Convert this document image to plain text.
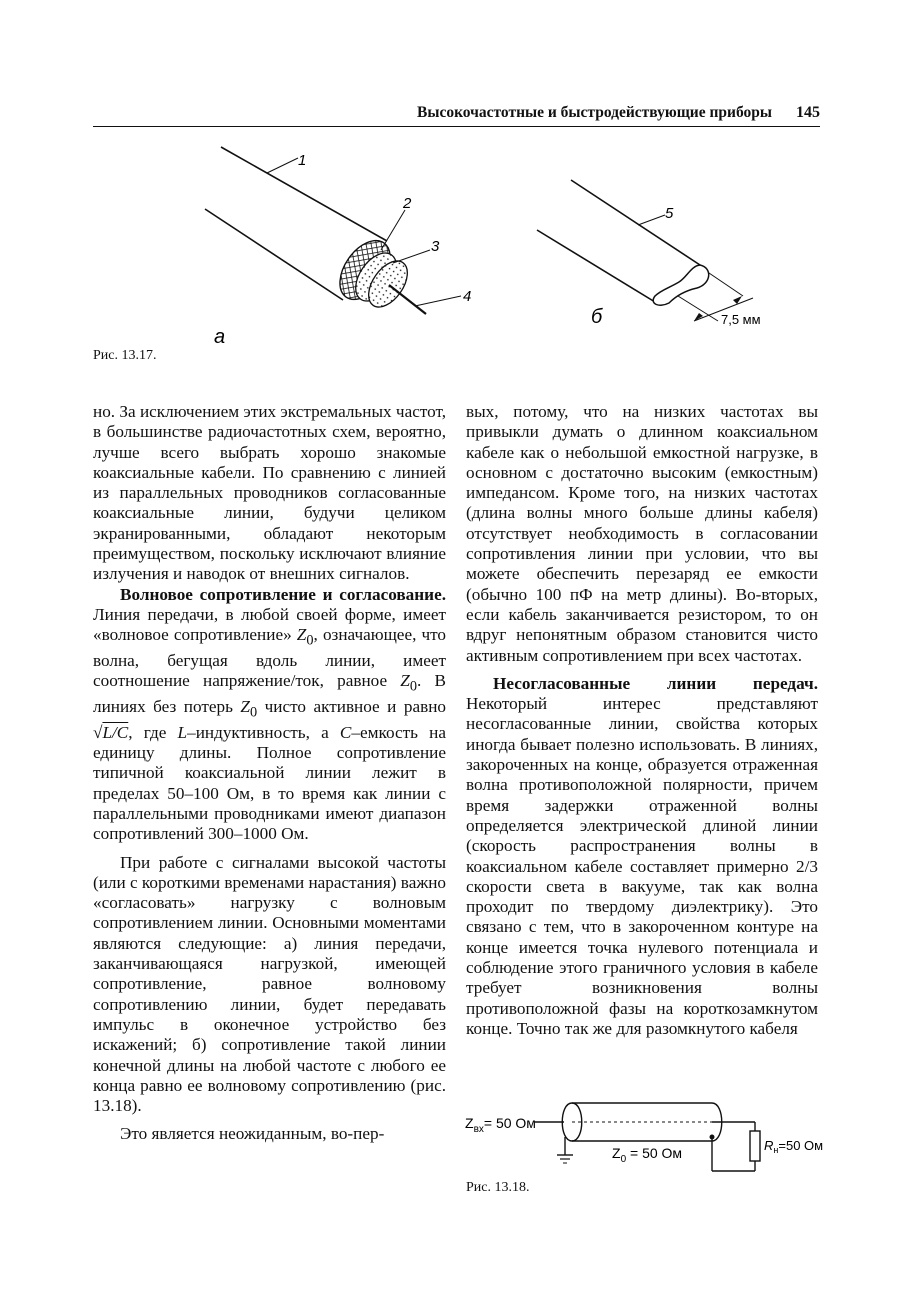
Высокочастотные и быстродействующие приборы 145
1
2
3
4
a
5
7,5 мм
б
Рис. 13.17.

но. За исключением этих экстремальных частот, в большинстве радиочастотных схем, вероятно, лучше всего выбрать хорошо знакомые коаксиальные кабели. По сравнению с линией из параллельных проводников согласованные коаксиальные линии, будучи целиком экранированными, обладают некоторым преимуществом, поскольку исключают влияние излучения и наводок от внешних сигналов.

Волновое сопротивление и согласование. Линия передачи, в любой своей форме, имеет «волновое сопротивление» $Z_0$, означающее, что волна, бегущая вдоль линии, имеет соотношение напряжение/ток, равное $Z_0$. В линиях без потерь $Z_0$ чисто активное и равно √L/C, где L–индуктивность, а C–емкость на единицу длины. Полное сопротивление типичной коаксиальной линии лежит в пределах 50–100 Ом, в то время как линии с параллельными проводниками имеют диапазон сопротивлений 300–1000 Ом.

При работе с сигналами высокой частоты (или с короткими временами нарастания) важно «согласовать» нагрузку с волновым сопротивлением линии. Основными моментами являются следующие: а) линия передачи, заканчивающаяся нагрузкой, имеющей сопротивление, равное волновому сопротивлению линии, будет передавать импульс в оконечное устройство без искажений; б) сопротивление такой линии конечной длины на любой частоте с любого ее конца равно ее волновому сопротивлению (рис. 13.18).

Это является неожиданным, во-пер-

вых, потому, что на низких частотах вы привыкли думать о длинном коаксиальном кабеле как о небольшой емкостной нагрузке, в основном с достаточно высоким (емкостным) импедансом. Кроме того, на низких частотах (длина волны много больше длины кабеля) отсутствует необходимость в согласовании сопротивления линии при условии, что вы можете обеспечить перезаряд ее емкости (обычно 100 пФ на метр длины). Во-вторых, если кабель заканчивается резистором, то он вдруг непонятным образом становится чисто активным сопротивлением при всех частотах.

Несогласованные линии передач. Некоторый интерес представляют несогласованные линии, свойства которых иногда бывает полезно использовать. В линиях, закороченных на конце, образуется отраженная волна противоположной полярности, причем время задержки отраженной волны определяется электрической длиной линии (скорость распространения волны в коаксиальном кабеле составляет примерно 2/3 скорости света в вакууме, так как волна проходит по твердому диэлектрику). Это связано с тем, что в закороченном контуре на конце имеется точка нулевого потенциала и соблюдение этого граничного условия в кабеле требует возникновения волны противоположной фазы на короткозамкнутом конце. Точно так же для разомкнутого кабеля

$Z_{вх}= 50$ Ом
$Z_0 = 50$ Ом	$R_н=50$ Ом
Рис. 13.18.
